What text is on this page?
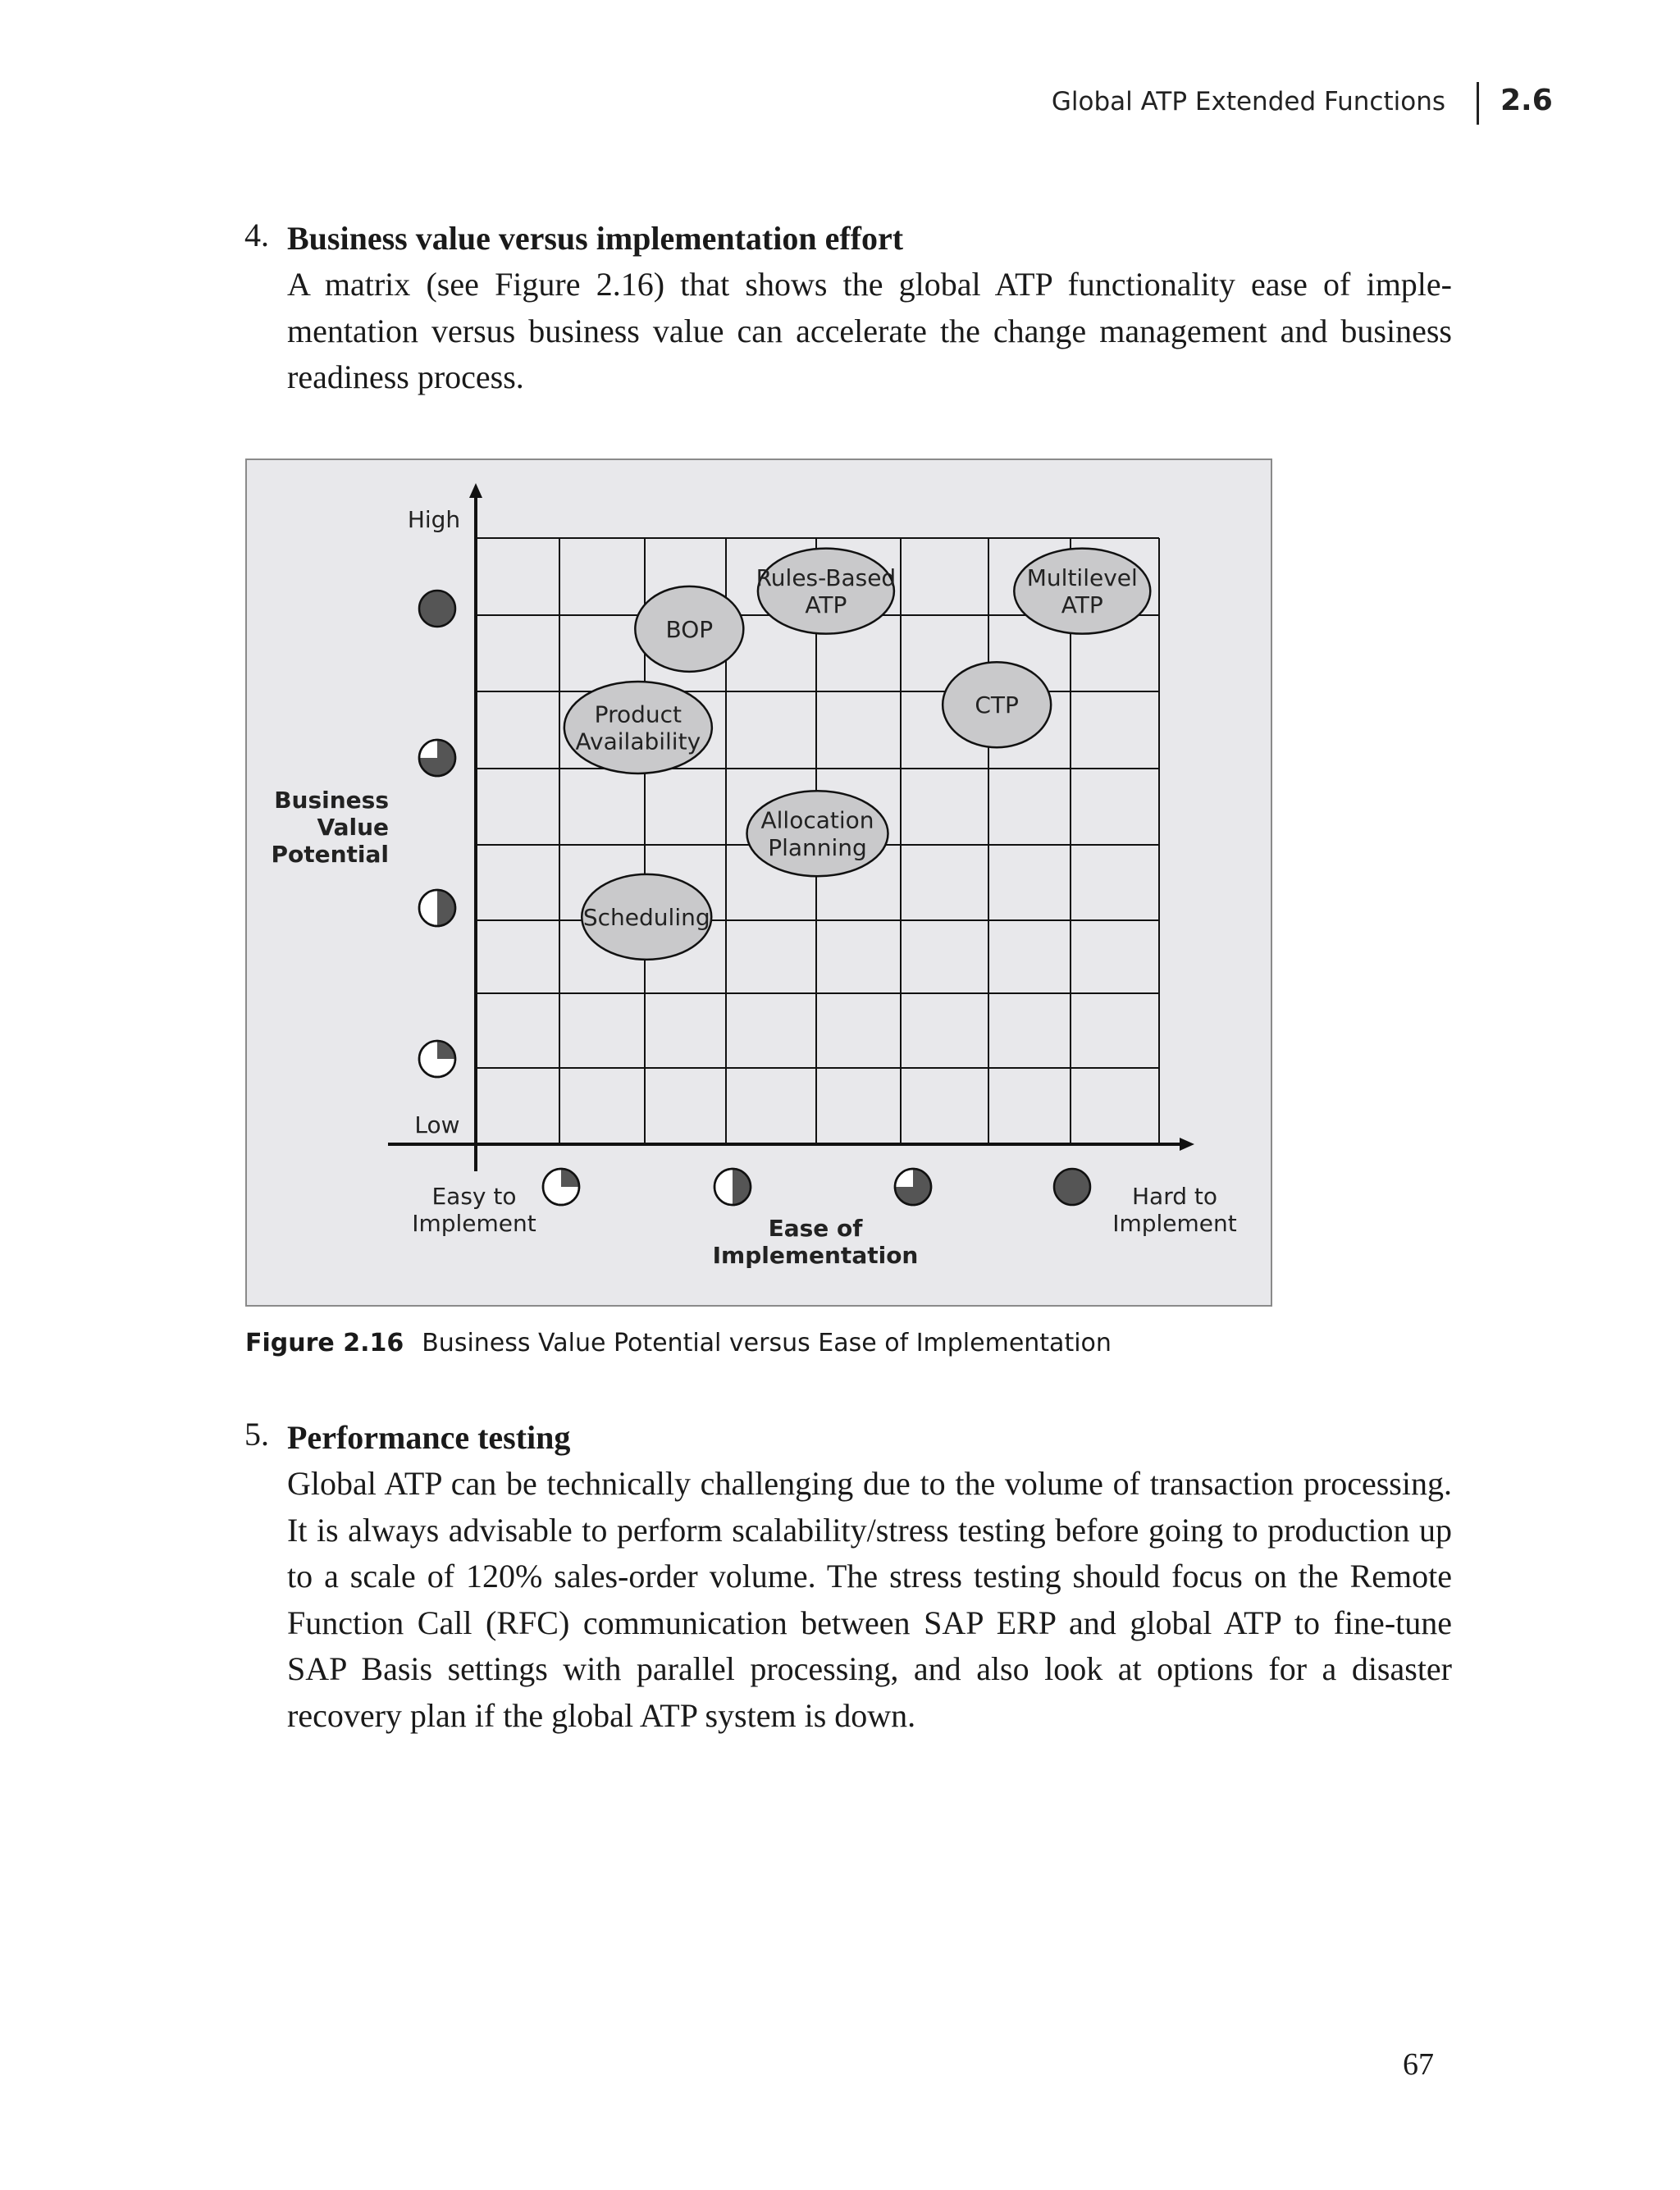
Global ATP Extended Functions 2.6
4. Business value versus implementation effort
A matrix (see Figure 2.16) that shows the global ATP functionality ease of imple-mentation versus business value can accelerate the change management and business readiness process.
High
Low
Business Value Potential
Easy to Implement
Hard to Implement
Ease of Implementation
Rules-Based ATP
Multilevel ATP
BOP
CTP
Product Availability
Allocation Planning
Scheduling
Figure 2.16 Business Value Potential versus Ease of Implementation
5. Performance testing
Global ATP can be technically challenging due to the volume of transaction processing. It is always advisable to perform scalability/stress testing before going to production up to a scale of 120% sales-order volume. The stress testing should focus on the Remote Function Call (RFC) communication between SAP ERP and global ATP to fine-tune SAP Basis settings with parallel processing, and also look at options for a disaster recovery plan if the global ATP system is down.
67
